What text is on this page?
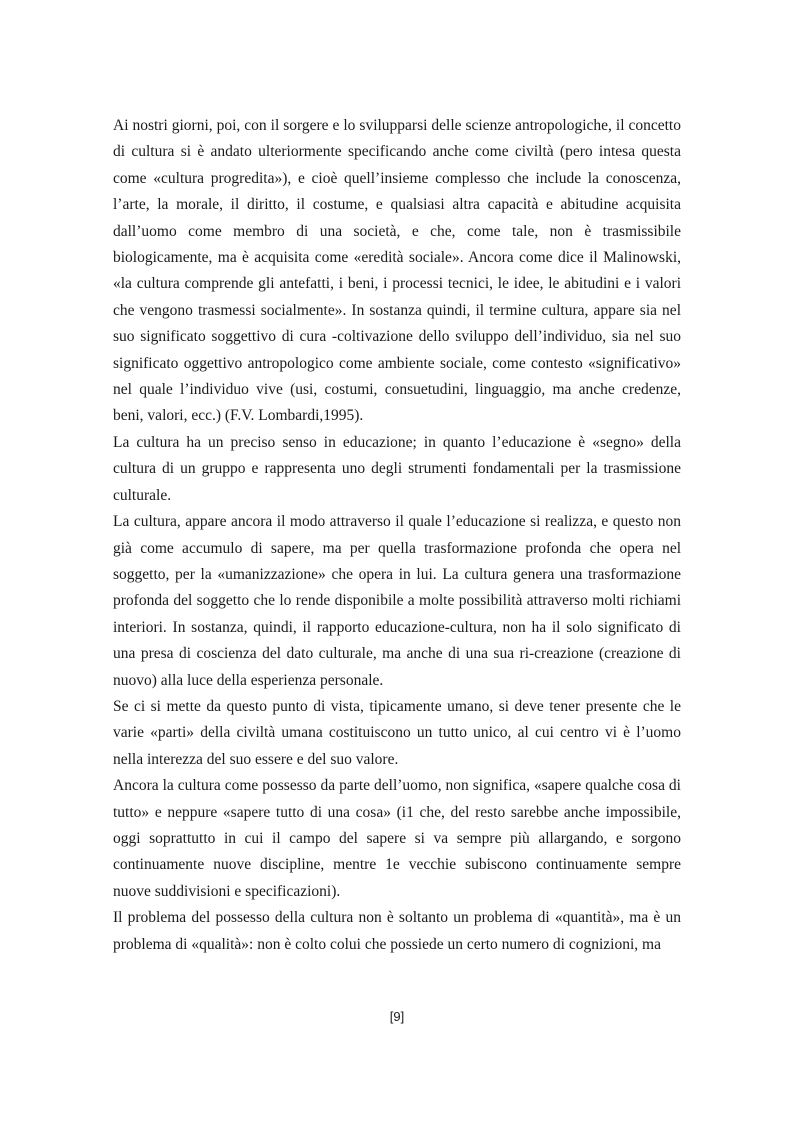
Ai nostri giorni, poi, con il sorgere e lo svilupparsi delle scienze antropologiche, il concetto di cultura si è andato ulteriormente specificando anche come civiltà (pero intesa questa come «cultura progredita»), e cioè quell’insieme complesso che include la conoscenza, l’arte, la morale, il diritto, il costume, e qualsiasi altra capacità e abitudine acquisita dall’uomo come membro di una società, e che, come tale, non è trasmissibile biologicamente, ma è acquisita come «eredità sociale». Ancora come dice il Malinowski, «la cultura comprende gli antefatti, i beni, i processi tecnici, le idee, le abitudini e i valori che vengono trasmessi socialmente». In sostanza quindi, il termine cultura, appare sia nel suo significato soggettivo di cura -coltivazione dello sviluppo dell’individuo, sia nel suo significato oggettivo antropologico come ambiente sociale, come contesto «significativo» nel quale l’individuo vive (usi, costumi, consuetudini, linguaggio, ma anche credenze, beni, valori, ecc.) (F.V. Lombardi,1995).

La cultura ha un preciso senso in educazione; in quanto l’educazione è «segno» della cultura di un gruppo e rappresenta uno degli strumenti fondamentali per la trasmissione culturale.

La cultura, appare ancora il modo attraverso il quale l’educazione si realizza, e questo non già come accumulo di sapere, ma per quella trasformazione profonda che opera nel soggetto, per la «umanizzazione» che opera in lui. La cultura genera una trasformazione profonda del soggetto che lo rende disponibile a molte possibilità attraverso molti richiami interiori. In sostanza, quindi, il rapporto educazione-cultura, non ha il solo significato di una presa di coscienza del dato culturale, ma anche di una sua ri-creazione (creazione di nuovo) alla luce della esperienza personale.

Se ci si mette da questo punto di vista, tipicamente umano, si deve tener presente che le varie «parti» della civiltà umana costituiscono un tutto unico, al cui centro vi è l’uomo nella interezza del suo essere e del suo valore.

Ancora la cultura come possesso da parte dell’uomo, non significa, «sapere qualche cosa di tutto» e neppure «sapere tutto di una cosa» (i1 che, del resto sarebbe anche impossibile, oggi soprattutto in cui il campo del sapere si va sempre più allargando, e sorgono continuamente nuove discipline, mentre 1e vecchie subiscono continuamente sempre nuove suddivisioni e specificazioni).

Il problema del possesso della cultura non è soltanto un problema di «quantità», ma è un problema di «qualità»: non è colto colui che possiede un certo numero di cognizioni, ma

[9]
